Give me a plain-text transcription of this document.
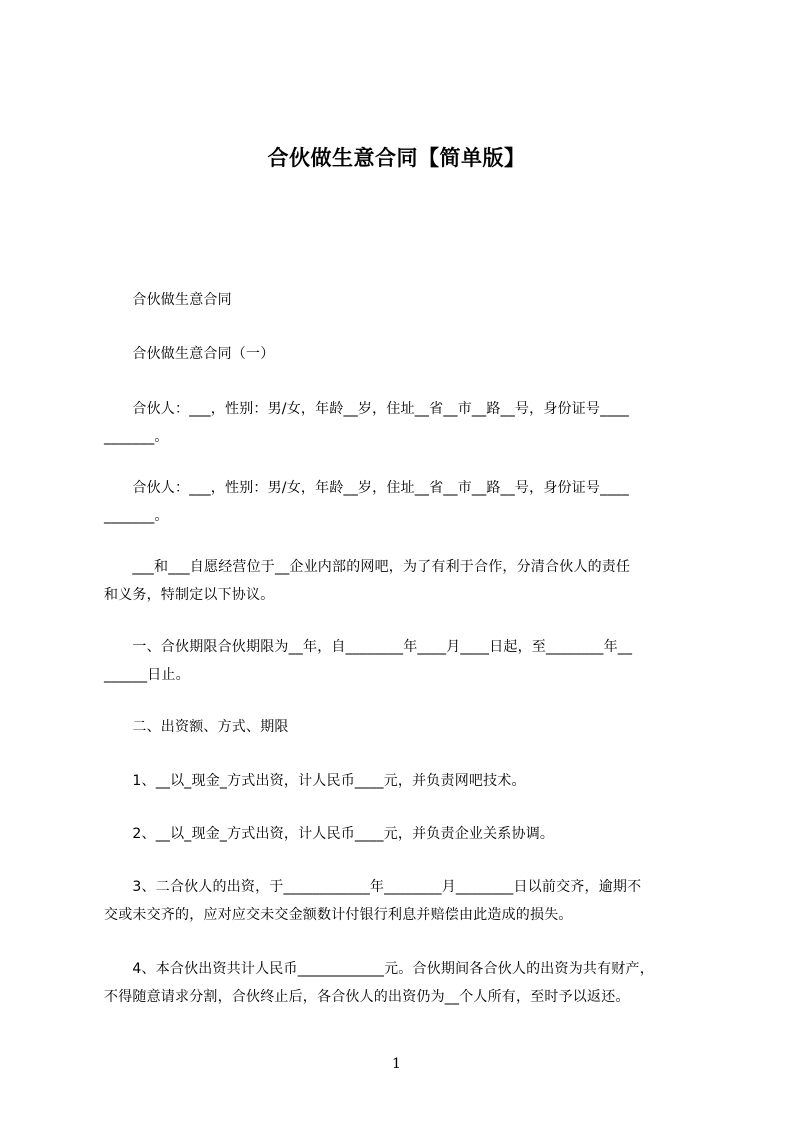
合伙做生意合同【简单版】
　　合伙做生意合同
　　合伙做生意合同（一）
　　合伙人：___，性别：男/女，年龄__岁，住址__省__市__路__号，身份证号____
_______。
　　合伙人：___，性别：男/女，年龄__岁，住址__省__市__路__号，身份证号____
_______。
　　___和___自愿经营位于__企业内部的网吧，为了有利于合作，分清合伙人的责任
和义务，特制定以下协议。
　　一、合伙期限合伙期限为__年，自________年____月____日起，至________年__
______日止。
　　二、出资额、方式、期限
　　1、__以_现金_方式出资，计人民币____元，并负责网吧技术。
　　2、__以_现金_方式出资，计人民币____元，并负责企业关系协调。
　　3、二合伙人的出资，于____________年________月________日以前交齐，逾期不
交或未交齐的，应对应交未交金额数计付银行利息并赔偿由此造成的损失。
　　4、本合伙出资共计人民币____________元。合伙期间各合伙人的出资为共有财产，
不得随意请求分割，合伙终止后，各合伙人的出资仍为__个人所有，至时予以返还。
1
